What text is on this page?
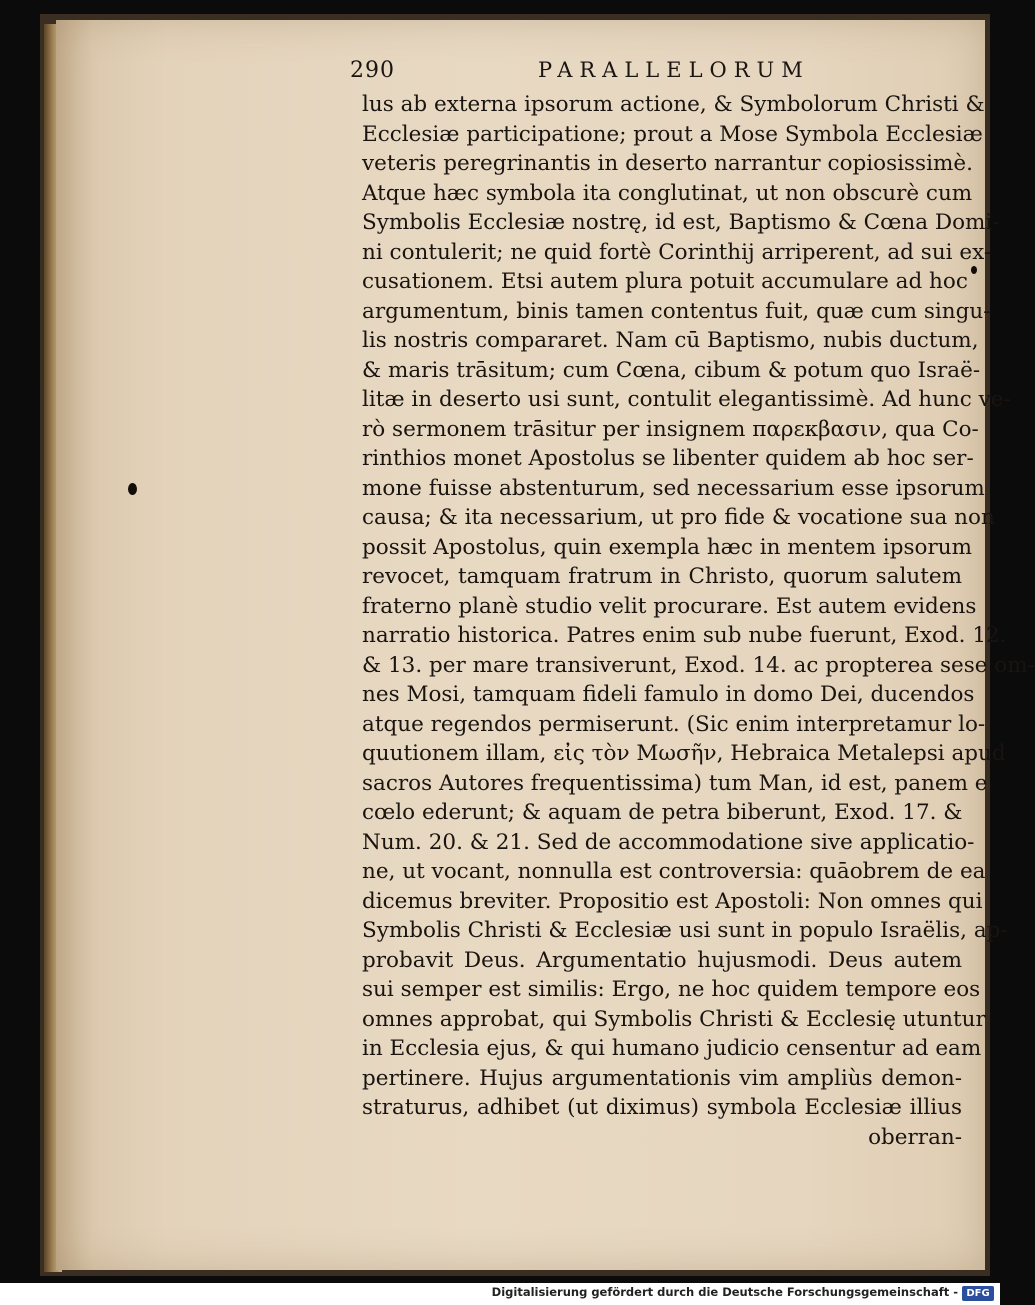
290	PARALLELORUM
lus ab externa ipsorum actione, & Symbolorum Christi &
Ecclesiæ participatione; prout a Mose Symbola Ecclesiæ
veteris peregrinantis in deserto narrantur copiosissimè.
Atque hæc symbola ita conglutinat, ut non obscurè cum
Symbolis Ecclesiæ nostrę, id est, Baptismo & Cœna Domi-
ni contulerit; ne quid fortè Corinthij arriperent, ad sui ex-
cusationem. Etsi autem plura potuit accumulare ad hoc
argumentum, binis tamen contentus fuit, quæ cum singu-
lis nostris compararet. Nam cū Baptismo, nubis ductum,
& maris trāsitum; cum Cœna, cibum & potum quo Israë-
litæ in deserto usi sunt, contulit elegantissimè. Ad hunc ve-
rò sermonem trāsitur per insignem παρεκβασιν, qua Co-
rinthios monet Apostolus se libenter quidem ab hoc ser-
mone fuisse abstenturum, sed necessarium esse ipsorum
causa; & ita necessarium, ut pro fide & vocatione sua non
possit Apostolus, quin exempla hæc in mentem ipsorum
revocet, tamquam fratrum in Christo, quorum salutem
fraterno planè studio velit procurare. Est autem evidens
narratio historica. Patres enim sub nube fuerunt, Exod. 12.
& 13. per mare transiverunt, Exod. 14. ac propterea sese om-
nes Mosi, tamquam fideli famulo in domo Dei, ducendos
atque regendos permiserunt. (Sic enim interpretamur lo-
quutionem illam, εἰς τὸν Μωσῆν, Hebraica Metalepsi apud
sacros Autores frequentissima) tum Man, id est, panem e
cœlo ederunt; & aquam de petra biberunt, Exod. 17. &
Num. 20. & 21. Sed de accommodatione sive applicatio-
ne, ut vocant, nonnulla est controversia: quāobrem de ea
dicemus breviter. Propositio est Apostoli: Non omnes qui
Symbolis Christi & Ecclesiæ usi sunt in populo Israëlis, ap-
probavit Deus. Argumentatio hujusmodi. Deus autem
sui semper est similis: Ergo, ne hoc quidem tempore eos
omnes approbat, qui Symbolis Christi & Ecclesię utuntur
in Ecclesia ejus, & qui humano judicio censentur ad eam
pertinere. Hujus argumentationis vim ampliùs demon-
straturus, adhibet (ut diximus) symbola Ecclesiæ illius
oberran-
Digitalisierung gefördert durch die Deutsche Forschungsgemeinschaft - DFG
